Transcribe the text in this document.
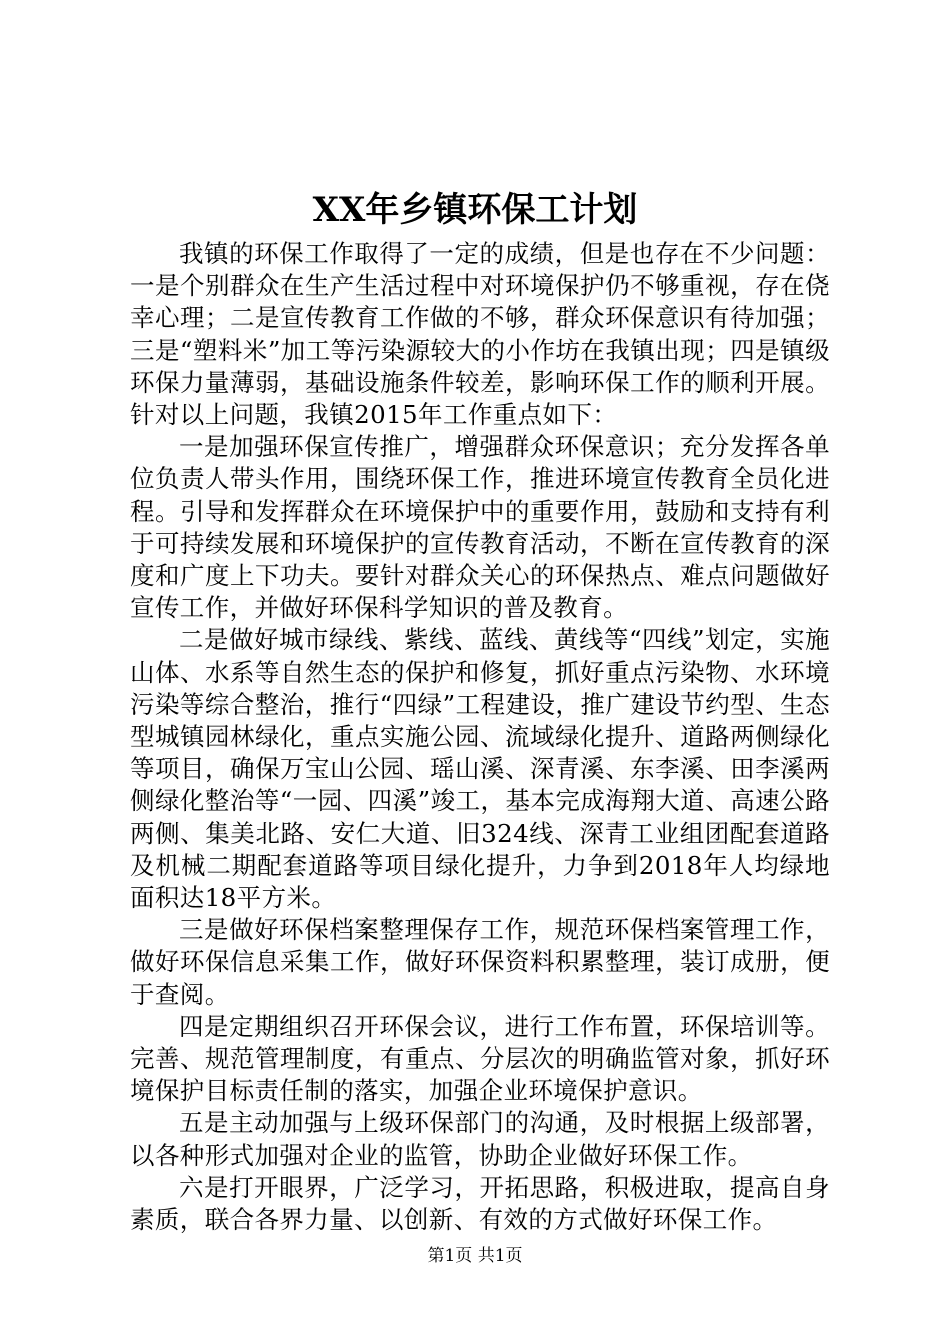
XX年乡镇环保工计划

我镇的环保工作取得了一定的成绩，但是也存在不少问题：一是个别群众在生产生活过程中对环境保护仍不够重视，存在侥幸心理；二是宣传教育工作做的不够，群众环保意识有待加强；三是“塑料米”加工等污染源较大的小作坊在我镇出现；四是镇级环保力量薄弱，基础设施条件较差，影响环保工作的顺利开展。针对以上问题，我镇2015年工作重点如下：

一是加强环保宣传推广，增强群众环保意识；充分发挥各单位负责人带头作用，围绕环保工作，推进环境宣传教育全员化进程。引导和发挥群众在环境保护中的重要作用，鼓励和支持有利于可持续发展和环境保护的宣传教育活动，不断在宣传教育的深度和广度上下功夫。要针对群众关心的环保热点、难点问题做好宣传工作，并做好环保科学知识的普及教育。

二是做好城市绿线、紫线、蓝线、黄线等“四线”划定，实施山体、水系等自然生态的保护和修复，抓好重点污染物、水环境污染等综合整治，推行“四绿”工程建设，推广建设节约型、生态型城镇园林绿化，重点实施公园、流域绿化提升、道路两侧绿化等项目，确保万宝山公园、瑶山溪、深青溪、东李溪、田李溪两侧绿化整治等“一园、四溪”竣工，基本完成海翔大道、高速公路两侧、集美北路、安仁大道、旧324线、深青工业组团配套道路及机械二期配套道路等项目绿化提升，力争到2018年人均绿地面积达18平方米。

三是做好环保档案整理保存工作，规范环保档案管理工作，做好环保信息采集工作，做好环保资料积累整理，装订成册，便于查阅。

四是定期组织召开环保会议，进行工作布置，环保培训等。完善、规范管理制度，有重点、分层次的明确监管对象，抓好环境保护目标责任制的落实，加强企业环境保护意识。

五是主动加强与上级环保部门的沟通，及时根据上级部署，以各种形式加强对企业的监管，协助企业做好环保工作。

六是打开眼界，广泛学习，开拓思路，积极进取，提高自身素质，联合各界力量、以创新、有效的方式做好环保工作。

第1页 共1页
